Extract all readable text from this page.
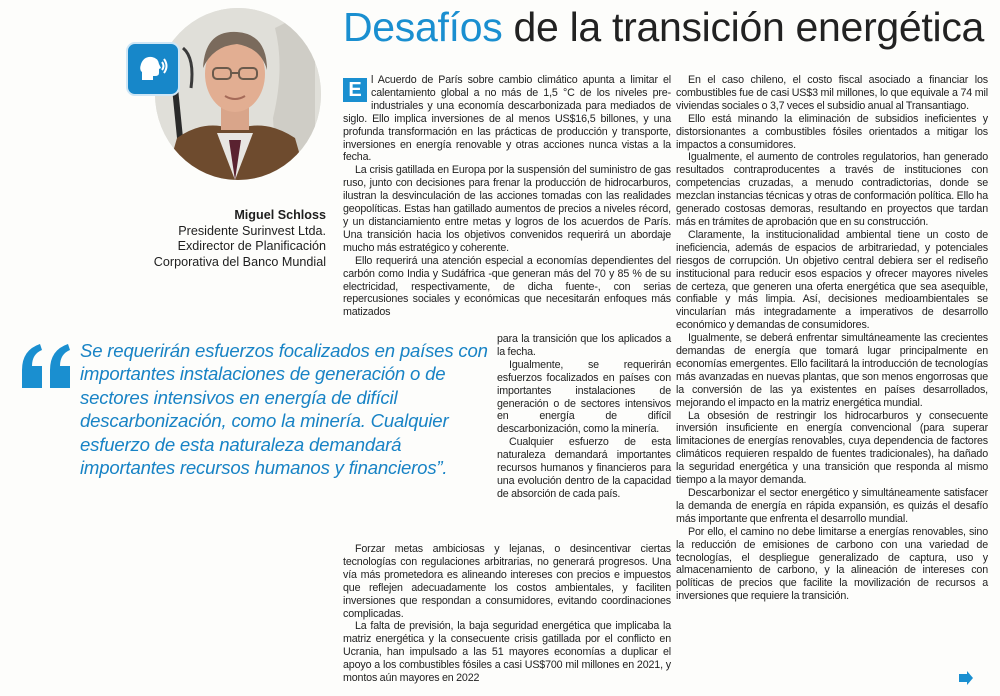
Desafíos de la transición energética
Miguel Schloss
Presidente Surinvest Ltda.
Exdirector de Planificación
Corporativa del Banco Mundial
Se requerirán esfuerzos focalizados en países con importantes instalaciones de generación o de sectores intensivos en energía de difícil descarbonización, como la minería. Cualquier esfuerzo de esta naturaleza demandará importantes recursos humanos y financieros”.

E l Acuerdo de París sobre cambio climático apunta a limitar el calentamiento global a no más de 1,5 °C de los niveles pre-industriales y una economía descarbonizada para mediados de siglo. Ello implica inversiones de al menos US$16,5 billones, y una profunda transformación en las prácticas de producción y transporte, inversiones en energía renovable y otras acciones nunca vistas a la fecha.

La crisis gatillada en Europa por la suspensión del suministro de gas ruso, junto con decisiones para frenar la producción de hidrocarburos, ilustran la desvinculación de las acciones tomadas con las realidades geopolíticas. Estas han gatillado aumentos de precios a niveles récord, y un distanciamiento entre metas y logros de los acuerdos de París. Una transición hacia los objetivos convenidos requerirá un abordaje mucho más estratégico y coherente.

Ello requerirá una atención especial a economías dependientes del carbón como India y Sudáfrica -que generan más del 70 y 85 % de su electricidad, respectivamente, de dicha fuente-, con serias repercusiones sociales y económicas que necesitarán enfoques más matizados

para la transición que los aplicados a la fecha.

Igualmente, se requerirán esfuerzos focalizados en países con importantes instalaciones de generación o de sectores intensivos en energía de difícil descarbonización, como la minería.

Cualquier esfuerzo de esta naturaleza demandará importantes recursos humanos y financieros para una evolución dentro de la capacidad de absorción de cada país.

Forzar metas ambiciosas y lejanas, o desincentivar ciertas tecnologías con regulaciones arbitrarias, no generará progresos. Una vía más prometedora es alineando intereses con precios e impuestos que reflejen adecuadamente los costos ambientales, y faciliten inversiones que respondan a consumidores, evitando coordinaciones complicadas.

La falta de previsión, la baja seguridad energética que implicaba la matriz energética y la consecuente crisis gatillada por el conflicto en Ucrania, han impulsado a las 51 mayores economías a duplicar el apoyo a los combustibles fósiles a casi US$700 mil millones en 2021, y montos aún mayores en 2022

En el caso chileno, el costo fiscal asociado a financiar los combustibles fue de casi US$3 mil millones, lo que equivale a 74 mil viviendas sociales o 3,7 veces el subsidio anual al Transantiago.

Ello está minando la eliminación de subsidios ineficientes y distorsionantes a combustibles fósiles orientados a mitigar los impactos a consumidores.

Igualmente, el aumento de controles regulatorios, han generado resultados contraproducentes a través de instituciones con competencias cruzadas, a menudo contradictorias, donde se mezclan instancias técnicas y otras de conformación política. Ello ha generado costosas demoras, resultando en proyectos que tardan más en trámites de aprobación que en su construcción.

Claramente, la institucionalidad ambiental tiene un costo de ineficiencia, además de espacios de arbitrariedad, y potenciales riesgos de corrupción. Un objetivo central debiera ser el rediseño institucional para reducir esos espacios y ofrecer mayores niveles de certeza, que generen una oferta energética que sea asequible, confiable y más limpia. Así, decisiones medioambientales se vincularían más integradamente a imperativos de desarrollo económico y demandas de consumidores.

Igualmente, se deberá enfrentar simultáneamente las crecientes demandas de energía que tomará lugar principalmente en economías emergentes. Ello facilitará la introducción de tecnologías más avanzadas en nuevas plantas, que son menos engorrosas que la conversión de las ya existentes en países desarrollados, mejorando el impacto en la matriz energética mundial.

La obsesión de restringir los hidrocarburos y consecuente inversión insuficiente en energía convencional (para superar limitaciones de energías renovables, cuya dependencia de factores climáticos requieren respaldo de fuentes tradicionales), ha dañado la seguridad energética y una transición que responda al mismo tiempo a la mayor demanda.

Descarbonizar el sector energético y simultáneamente satisfacer la demanda de energía en rápida expansión, es quizás el desafío más importante que enfrenta el desarrollo mundial.

Por ello, el camino no debe limitarse a energías renovables, sino la reducción de emisiones de carbono con una variedad de tecnologías, el despliegue generalizado de captura, uso y almacenamiento de carbono, y la alineación de intereses con políticas de precios que facilite la movilización de recursos a inversiones que requiere la transición.
